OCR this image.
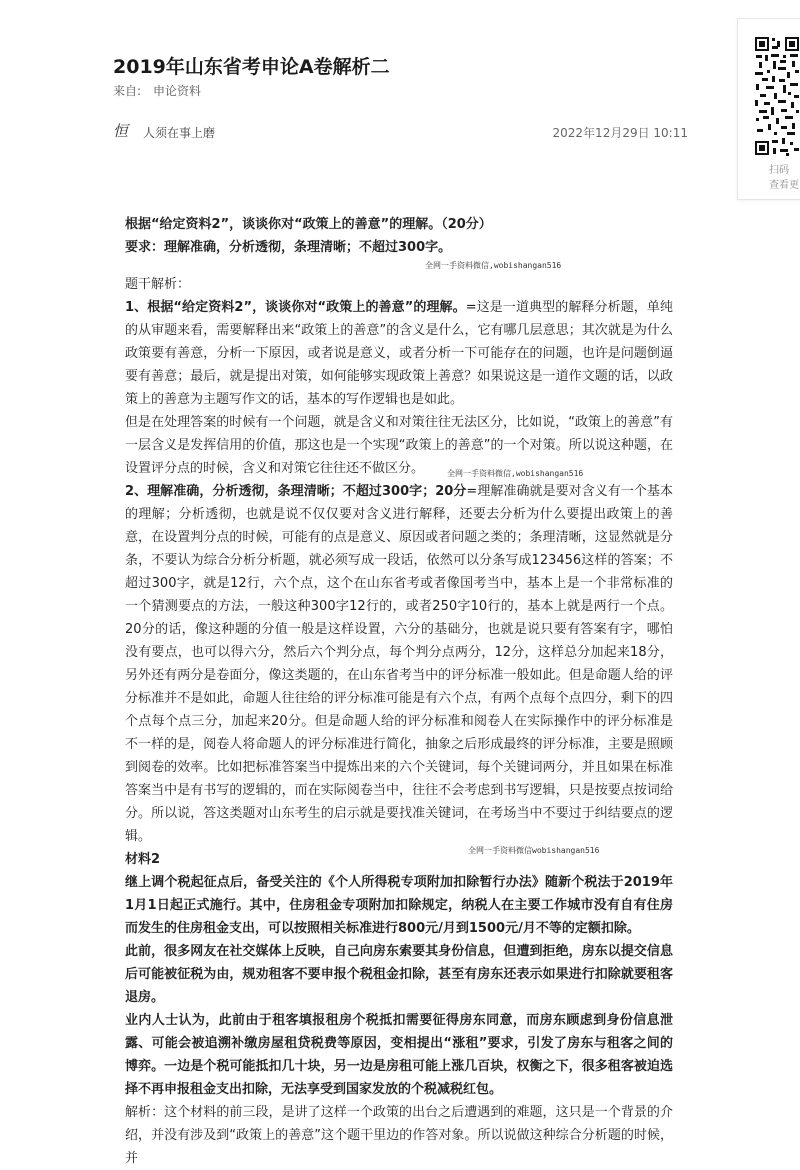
2019年山东省考申论A卷解析二
来自: 申论资料
恒 人须在事上磨	2022年12月29日 10:11
扫码
查看更

根据“给定资料2”，谈谈你对“政策上的善意”的理解。（20分）

要求：理解准确，分析透彻，条理清晰；不超过300字。

全网一手资料微信,wobishangan516

题干解析：

1、根据“给定资料2”，谈谈你对“政策上的善意”的理解。=这是一道典型的解释分析题，单纯的从审题来看，需要解释出来“政策上的善意”的含义是什么，它有哪几层意思；其次就是为什么政策要有善意，分析一下原因，或者说是意义，或者分析一下可能存在的问题，也许是问题倒逼要有善意；最后，就是提出对策，如何能够实现政策上善意？如果说这是一道作文题的话，以政策上的善意为主题写作文的话，基本的写作逻辑也是如此。

但是在处理答案的时候有一个问题，就是含义和对策往往无法区分，比如说，“政策上的善意”有一层含义是发挥信用的价值，那这也是一个实现“政策上的善意”的一个对策。所以说这种题，在设置评分点的时候，含义和对策它往往还不做区分。	全网一手资料微信,wobishangan516

2、理解准确，分析透彻，条理清晰；不超过300字；20分=理解准确就是要对含义有一个基本的理解；分析透彻，也就是说不仅仅要对含义进行解释，还要去分析为什么要提出政策上的善意，在设置判分点的时候，可能有的点是意义、原因或者问题之类的；条理清晰，这显然就是分条，不要认为综合分析分析题，就必须写成一段话，依然可以分条写成123456这样的答案；不超过300字，就是12行，六个点，这个在山东省考或者像国考当中，基本上是一个非常标准的一个猜测要点的方法，一般这种300字12行的，或者250字10行的，基本上就是两行一个点。20分的话，像这种题的分值一般是这样设置，六分的基础分，也就是说只要有答案有字，哪怕没有要点，也可以得六分，然后六个判分点，每个判分点两分，12分，这样总分加起来18分，另外还有两分是卷面分，像这类题的，在山东省考当中的评分标准一般如此。但是命题人给的评分标准并不是如此，命题人往往给的评分标准可能是有六个点，有两个点每个点四分，剩下的四个点每个点三分，加起来20分。但是命题人给的评分标准和阅卷人在实际操作中的评分标准是不一样的是，阅卷人将命题人的评分标准进行简化，抽象之后形成最终的评分标准，主要是照顾到阅卷的效率。比如把标准答案当中提炼出来的六个关键词，每个关键词两分，并且如果在标准答案当中是有书写的逻辑的，而在实际阅卷当中，往往不会考虑到书写逻辑，只是按要点按词给分。所以说，答这类题对山东考生的启示就是要找准关键词，在考场当中不要过于纠结要点的逻辑。

全网一手资料微信wobishangan516

材料2

继上调个税起征点后，备受关注的《个人所得税专项附加扣除暂行办法》随新个税法于2019年1月1日起正式施行。其中，住房租金专项附加扣除规定，纳税人在主要工作城市没有自有住房而发生的住房租金支出，可以按照相关标准进行800元/月到1500元/月不等的定额扣除。

此前，很多网友在社交媒体上反映，自己向房东索要其身份信息，但遭到拒绝，房东以提交信息后可能被征税为由，规劝租客不要申报个税租金扣除，甚至有房东还表示如果进行扣除就要租客退房。

业内人士认为，此前由于租客填报租房个税抵扣需要征得房东同意，而房东顾虑到身份信息泄露、可能会被追溯补缴房屋租贷税费等原因，变相提出“涨租”要求，引发了房东与租客之间的博弈。一边是个税可能抵扣几十块，另一边是房租可能上涨几百块，权衡之下，很多租客被迫选择不再申报租金支出扣除，无法享受到国家发放的个税减税红包。

解析：这个材料的前三段，是讲了这样一个政策的出台之后遭遇到的难题，这只是一个背景的介绍，并没有涉及到“政策上的善意”这个题干里边的作答对象。所以说做这种综合分析题的时候，并
